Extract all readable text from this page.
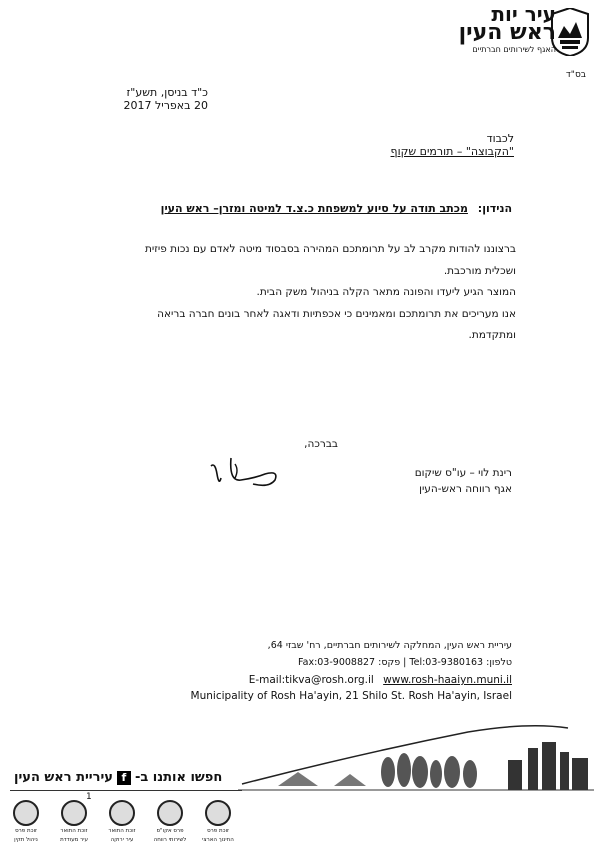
עיר יות
ראש העין
האגף לשירותים חברתיים
בס"ד
כ"ד בניסן, תשע"ז
20 באפריל 2017
לכבוד
"הקבוצה" – תורמים שקוף
הנידון: מכתב תודה על סיוע למשפחת כ.צ.ד למיטה ומזרן– ראש העין

ברצוננו להודות מקרב לב על תרומתכם המהירה בסבסוד מיטה לאדם עם נכות פיזית

ושכלית מורכבת.

המוצר הגיע ליעדו והפונה מתאר הקלה בניהול משק הבית.

אנו מעריכים את תרומתכם ומאמינים כי אכפתיות ודאגה לאחר בונים חברה בריאה

ומתקדמת.

בברכה,
רינת לוי – עו"ס שיקום
אגף רווחה ראש-העין
עיריית ראש העין, המחלקה לשירותים חברתיים, רח' שבזי 64,
טלפון: Tel:03-9380163 | פקס: Fax:03-9008827
E-mail:tikva@rosh.org.il www.rosh-haaiyn.muni.il
Municipality of Rosh Ha'ayin, 21 Shilo St. Rosh Ha'ayin, Israel
חפשו אותנו ב-fעיריית ראש העין
1
זוכת פרס
ניהול תקין
זוכת התואר
עיר מעודדת
זוכת התואר
עיר ירוקה
פרס אקו"ס
לשירותי רווחה
זוכת פרס
החינוך הארצי
